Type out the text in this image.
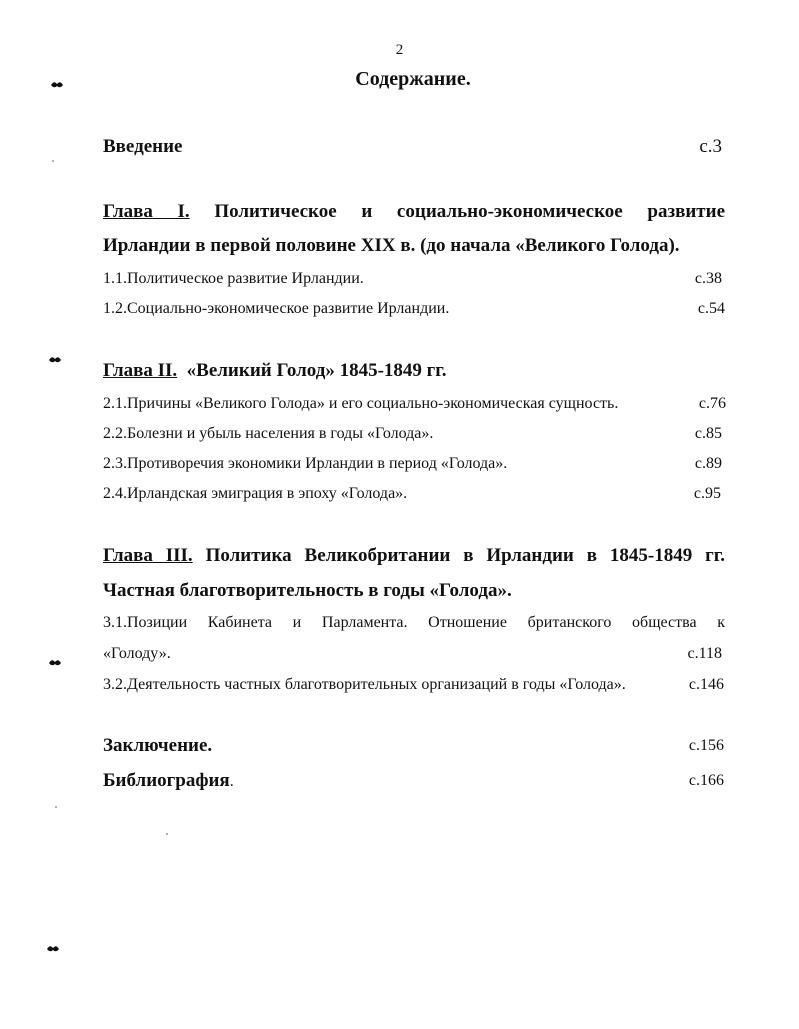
2
Содержание.
Введение	с.3
Глава I. Политическое и социально-экономическое развитие
Ирландии в первой половине XIX в. (до начала «Великого Голода).
1.1.Политическое развитие Ирландии.	с.38
1.2.Социально-экономическое развитие Ирландии.	с.54
Глава II. «Великий Голод» 1845-1849 гг.
2.1.Причины «Великого Голода» и его социально-экономическая сущность.	с.76
2.2.Болезни и убыль населения в годы «Голода».	с.85
2.3.Противоречия экономики Ирландии в период «Голода».	с.89
2.4.Ирландская эмиграция в эпоху «Голода».	с.95
Глава III. Политика Великобритании в Ирландии в 1845-1849 гг.
Частная благотворительность в годы «Голода».
3.1.Позиции Кабинета и Парламента. Отношение британского общества к
«Голоду».	с.118
3.2.Деятельность частных благотворительных организаций в годы «Голода».	с.146
Заключение.	с.156
Библиография.	с.166
